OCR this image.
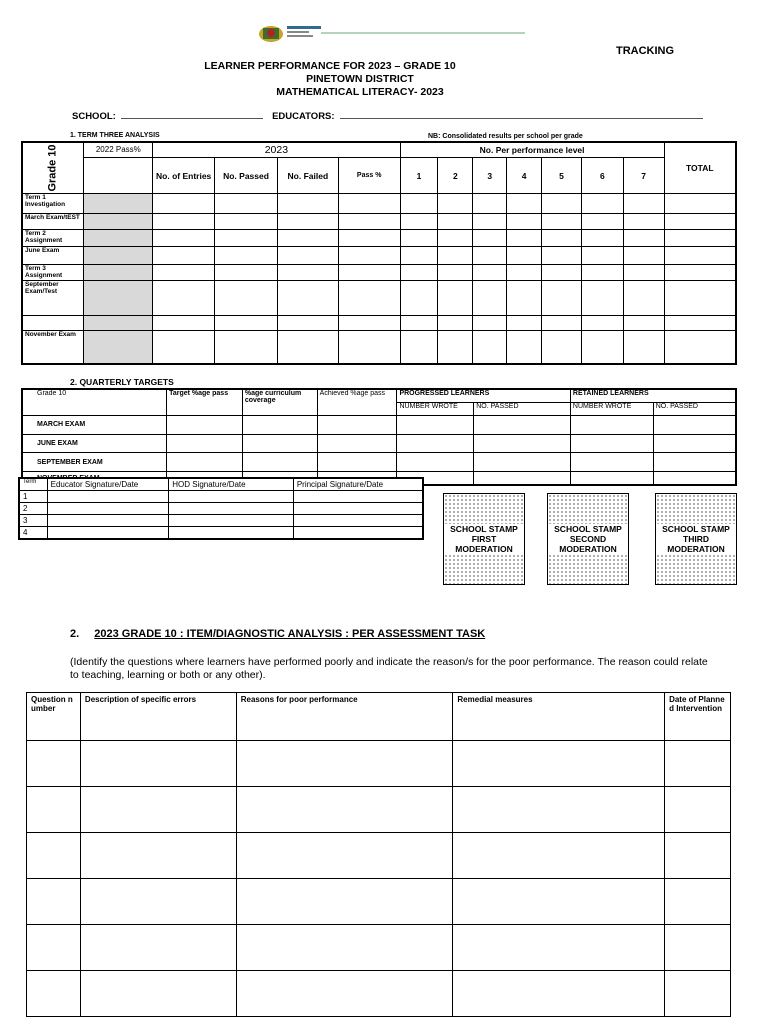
TRACKING
LEARNER PERFORMANCE FOR 2023 – GRADE 10
PINETOWN DISTRICT
MATHEMATICAL LITERACY- 2023
SCHOOL:	EDUCATORS:
1. TERM THREE ANALYSIS	NB: Consolidated results per school per grade
Grade 10	2022 Pass%	2023				No. Per performance level							TOTAL
		No. of Entries	No. Passed	No. Failed	Pass %	1	2	3	4	5	6	7	
Term 1 Investigation													
March Exam/tEST													
Term 2 Assignment													
June Exam													
Term 3 Assignment													
September Exam/Test													

November Exam													
2. QUARTERLY TARGETS
Grade 10	Target %age pass	%age curriculum coverage	Achieved %age pass	PROGRESSED LEARNERS		RETAINED LEARNERS	
				NUMBER WROTE	NO. PASSED	NUMBER WROTE	NO. PASSED
MARCH EXAM							
JUNE EXAM							
SEPTEMBER EXAM							

Term	Educator Signature/Date	HOD Signature/Date	Principal Signature/Date
1			
2			
3			
4				SCHOOL STAMP FIRST MODERATION
SCHOOL STAMP SECOND MODERATION
SCHOOL STAMP THIRD MODERATION
2. 2023 GRADE 10 : ITEM/DIAGNOSTIC ANALYSIS : PER ASSESSMENT TASK
(Identify the questions where learners have performed poorly and indicate the reason/s for the poor performance. The reason could relate to teaching, learning or both or any other).
Question number	Description of specific errors	Reasons for poor performance	Remedial measures	Date of Planned Intervention
